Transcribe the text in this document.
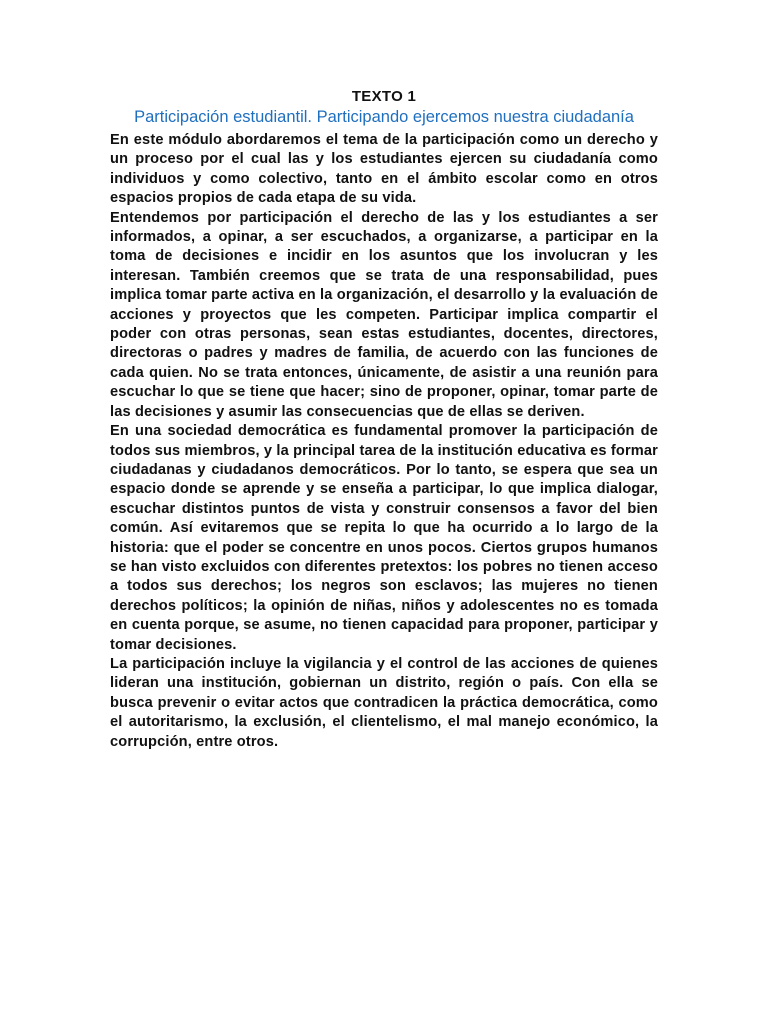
TEXTO 1
Participación estudiantil. Participando ejercemos nuestra ciudadanía

En este módulo abordaremos el tema de la participación como un derecho y un proceso por el cual las y los estudiantes ejercen su ciudadanía como individuos y como colectivo, tanto en el ámbito escolar como en otros espacios propios de cada etapa de su vida.

Entendemos por participación el derecho de las y los estudiantes a ser informados, a opinar, a ser escuchados, a organizarse, a participar en la toma de decisiones e incidir en los asuntos que los involucran y les interesan. También creemos que se trata de una responsabilidad, pues implica tomar parte activa en la organización, el desarrollo y la evaluación de acciones y proyectos que les competen. Participar implica compartir el poder con otras personas, sean estas estudiantes, docentes, directores, directoras o padres y madres de familia, de acuerdo con las funciones de cada quien. No se trata entonces, únicamente, de asistir a una reunión para escuchar lo que se tiene que hacer; sino de proponer, opinar, tomar parte de las decisiones y asumir las consecuencias que de ellas se deriven.

En una sociedad democrática es fundamental promover la participación de todos sus miembros, y la principal tarea de la institución educativa es formar ciudadanas y ciudadanos democráticos. Por lo tanto, se espera que sea un espacio donde se aprende y se enseña a participar, lo que implica dialogar, escuchar distintos puntos de vista y construir consensos a favor del bien común. Así evitaremos que se repita lo que ha ocurrido a lo largo de la historia: que el poder se concentre en unos pocos. Ciertos grupos humanos se han visto excluidos con diferentes pretextos: los pobres no tienen acceso a todos sus derechos; los negros son esclavos; las mujeres no tienen derechos políticos; la opinión de niñas, niños y adolescentes no es tomada en cuenta porque, se asume, no tienen capacidad para proponer, participar y tomar decisiones.

La participación incluye la vigilancia y el control de las acciones de quienes lideran una institución, gobiernan un distrito, región o país. Con ella se busca prevenir o evitar actos que contradicen la práctica democrática, como el autoritarismo, la exclusión, el clientelismo, el mal manejo económico, la corrupción, entre otros.
